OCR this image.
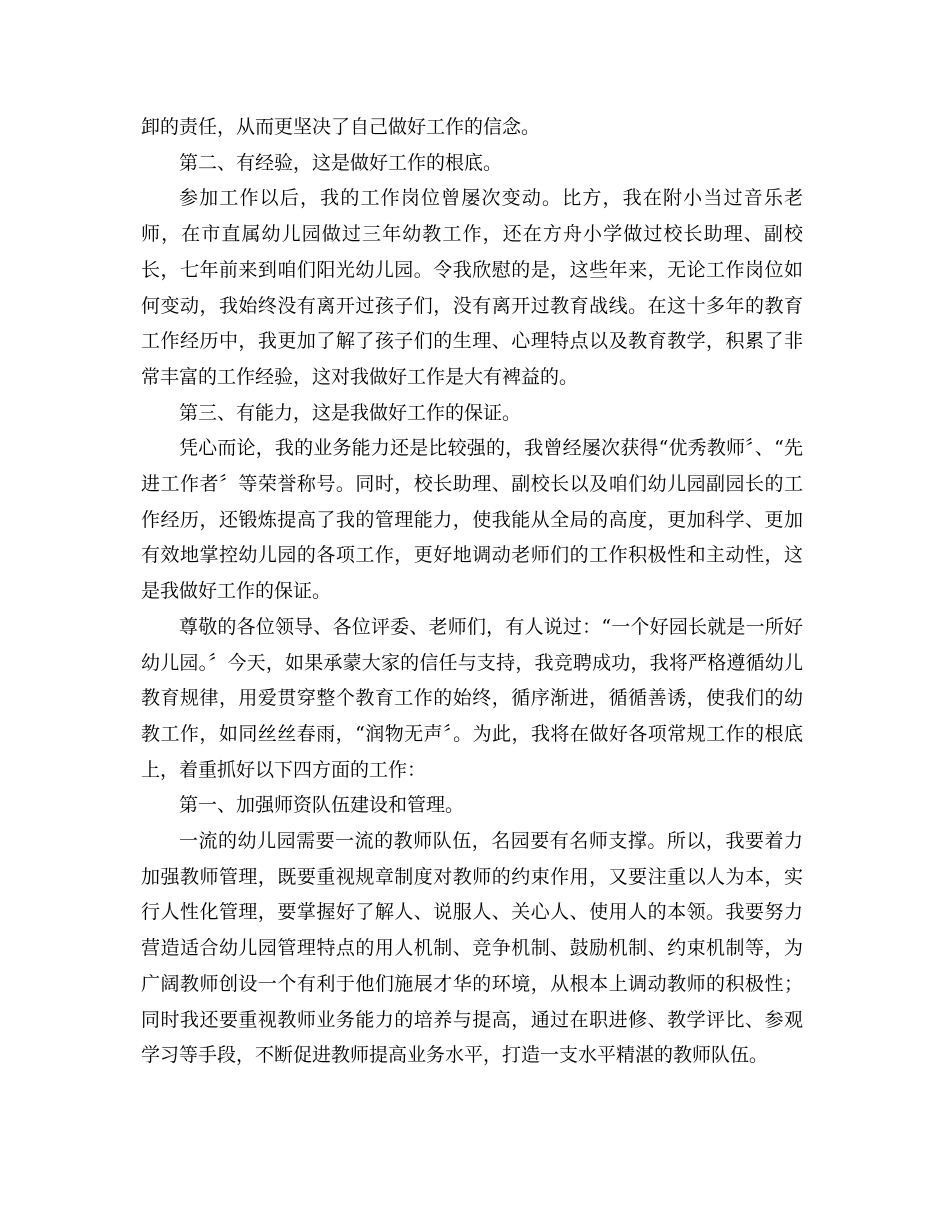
卸的责任，从而更坚决了自己做好工作的信念。

第二、有经验，这是做好工作的根底。

参加工作以后，我的工作岗位曾屡次变动。比方，我在附小当过音乐老师，在市直属幼儿园做过三年幼教工作，还在方舟小学做过校长助理、副校长，七年前来到咱们阳光幼儿园。令我欣慰的是，这些年来，无论工作岗位如何变动，我始终没有离开过孩子们，没有离开过教育战线。在这十多年的教育工作经历中，我更加了解了孩子们的生理、心理特点以及教育教学，积累了非常丰富的工作经验，这对我做好工作是大有裨益的。

第三、有能力，这是我做好工作的保证。

凭心而论，我的业务能力还是比较强的，我曾经屡次获得“优秀教师〞、“先进工作者〞等荣誉称号。同时，校长助理、副校长以及咱们幼儿园副园长的工作经历，还锻炼提高了我的管理能力，使我能从全局的高度，更加科学、更加有效地掌控幼儿园的各项工作，更好地调动老师们的工作积极性和主动性，这是我做好工作的保证。

尊敬的各位领导、各位评委、老师们，有人说过：“一个好园长就是一所好幼儿园。〞今天，如果承蒙大家的信任与支持，我竞聘成功，我将严格遵循幼儿教育规律，用爱贯穿整个教育工作的始终，循序渐进，循循善诱，使我们的幼教工作，如同丝丝春雨，“润物无声〞。为此，我将在做好各项常规工作的根底上，着重抓好以下四方面的工作：

第一、加强师资队伍建设和管理。

一流的幼儿园需要一流的教师队伍，名园要有名师支撑。所以，我要着力加强教师管理，既要重视规章制度对教师的约束作用，又要注重以人为本，实行人性化管理，要掌握好了解人、说服人、关心人、使用人的本领。我要努力营造适合幼儿园管理特点的用人机制、竞争机制、鼓励机制、约束机制等，为广阔教师创设一个有利于他们施展才华的环境，从根本上调动教师的积极性；同时我还要重视教师业务能力的培养与提高，通过在职进修、教学评比、参观学习等手段，不断促进教师提高业务水平，打造一支水平精湛的教师队伍。
